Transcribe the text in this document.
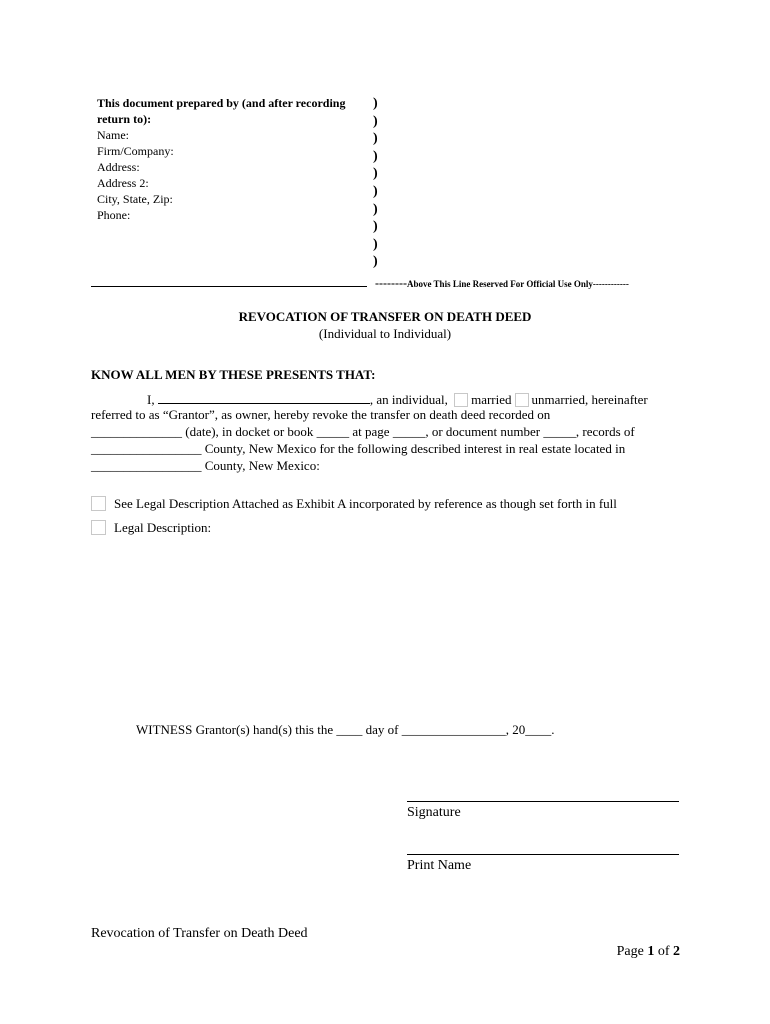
This document prepared by (and after recording return to):
Name:
Firm/Company:
Address:
Address 2:
City, State, Zip:
Phone:
)
)
)
)
)
)
)
)
)
)
--------Above This Line Reserved For Official Use Only------------
REVOCATION OF TRANSFER ON DEATH DEED
(Individual to Individual)
KNOW ALL MEN BY THESE PRESENTS THAT:
I,	, an individual, married unmarried, hereinafter
referred to as “Grantor”, as owner, hereby revoke the transfer on death deed recorded on
______________ (date), in docket or book _____ at page _____, or document number _____, records of
_________________ County, New Mexico for the following described interest in real estate located in
_________________ County, New Mexico:
See Legal Description Attached as Exhibit A incorporated by reference as though set forth in full
Legal Description:
WITNESS Grantor(s) hand(s) this the ____ day of ________________, 20____.
Signature
Print Name
Revocation of Transfer on Death Deed
Page 1 of 2
